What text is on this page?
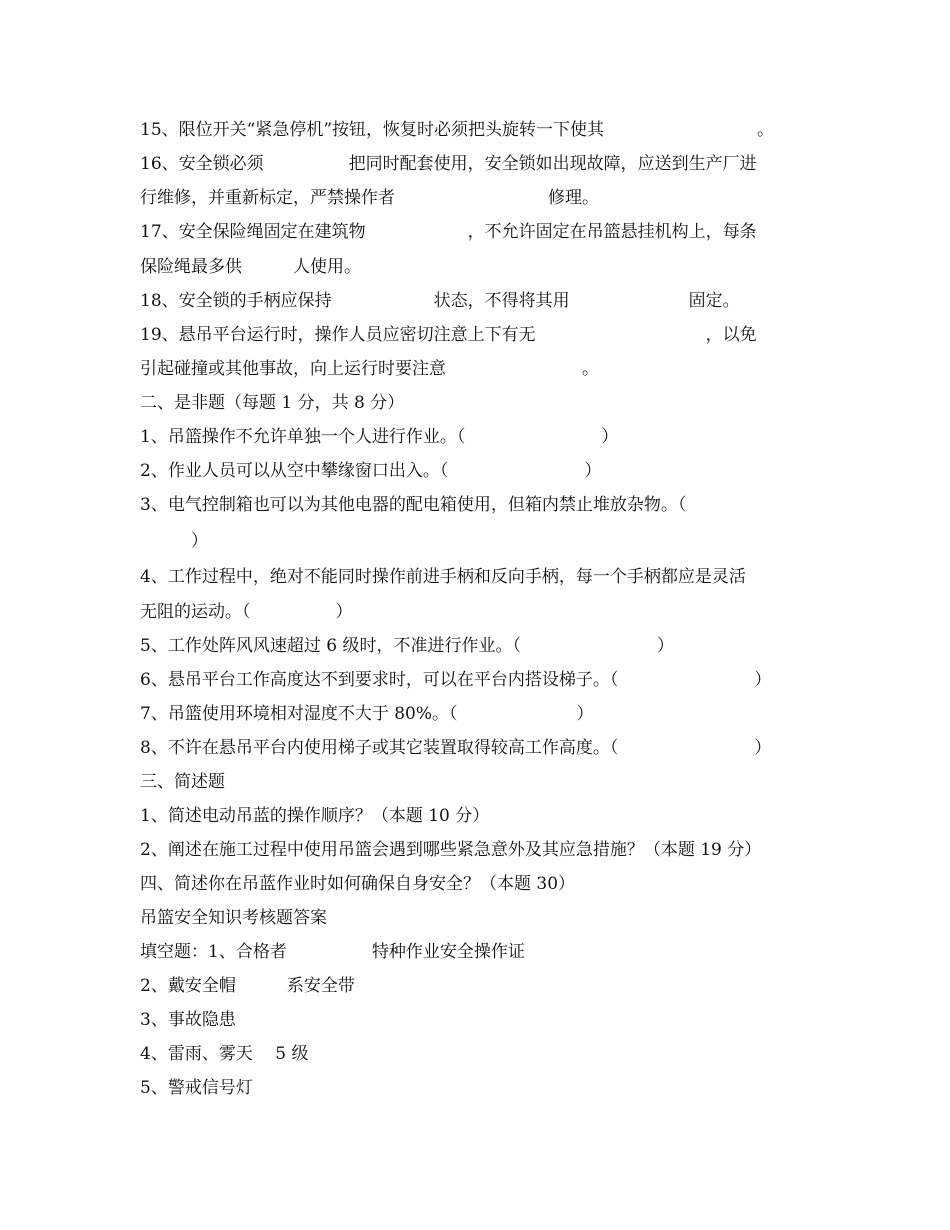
15、限位开关“紧急停机”按钮，恢复时必须把头旋转一下使其　　　　　　　　　。
16、安全锁必须　　　　　把同时配套使用，安全锁如出现故障，应送到生产厂进
行维修，并重新标定，严禁操作者　　　　　　　　　修理。
17、安全保险绳固定在建筑物　　　　　　，不允许固定在吊篮悬挂机构上，每条
保险绳最多供　　　人使用。
18、安全锁的手柄应保持　　　　　　状态，不得将其用　　　　　　　固定。
19、悬吊平台运行时，操作人员应密切注意上下有无　　　　　　　　　　，以免
引起碰撞或其他事故，向上运行时要注意　　　　　　　　。
二、是非题（每题 1 分，共 8 分）
1、吊篮操作不允许单独一个人进行作业。（　　　　　　　　）
2、作业人员可以从空中攀缘窗口出入。（　　　　　　　　）
3、电气控制箱也可以为其他电器的配电箱使用，但箱内禁止堆放杂物。（
　　　）
4、工作过程中，绝对不能同时操作前进手柄和反向手柄，每一个手柄都应是灵活
无阻的运动。（　　　　　）
5、工作处阵风风速超过 6 级时，不准进行作业。（　　　　　　　　）
6、悬吊平台工作高度达不到要求时，可以在平台内搭设梯子。（　　　　　　　　）
7、吊篮使用环境相对湿度不大于 80%。（　　　　　　　）
8、不许在悬吊平台内使用梯子或其它装置取得较高工作高度。（　　　　　　　　）
三、简述题
1、简述电动吊蓝的操作顺序？（本题 10 分）
2、阐述在施工过程中使用吊篮会遇到哪些紧急意外及其应急措施？（本题 19 分）
四、简述你在吊蓝作业时如何确保自身安全？（本题 30）
吊篮安全知识考核题答案
填空题：1、合格者　　　　　特种作业安全操作证
2、戴安全帽　　　系安全带
3、事故隐患
4、雷雨、雾天　 5 级
5、警戒信号灯
